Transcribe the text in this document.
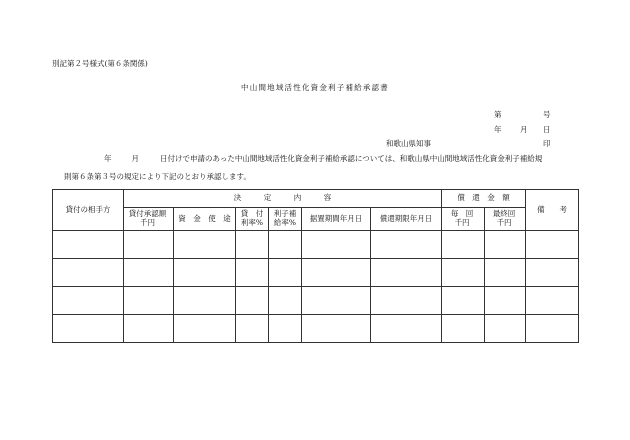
別記第２号様式(第６条関係)
中山間地域活性化資金利子補給承認書
第	号
年 月 日
和歌山県知事	印
年	月	日付けで申請のあった中山間地域活性化資金利子補給承認については、和歌山県中山間地域活性化資金利子補給規
則第６条第３号の規定により下記のとおり承認します。
貸付の相手方	決　　　定　　　内　　　容						償　還　金　額		備　　考

	貸付承認額
千円	資　金　使　途	貸　付
利率%	利子補
給率%	据置期間年月日	償還期限年月日	毎　回
千円	最終回
千円	
